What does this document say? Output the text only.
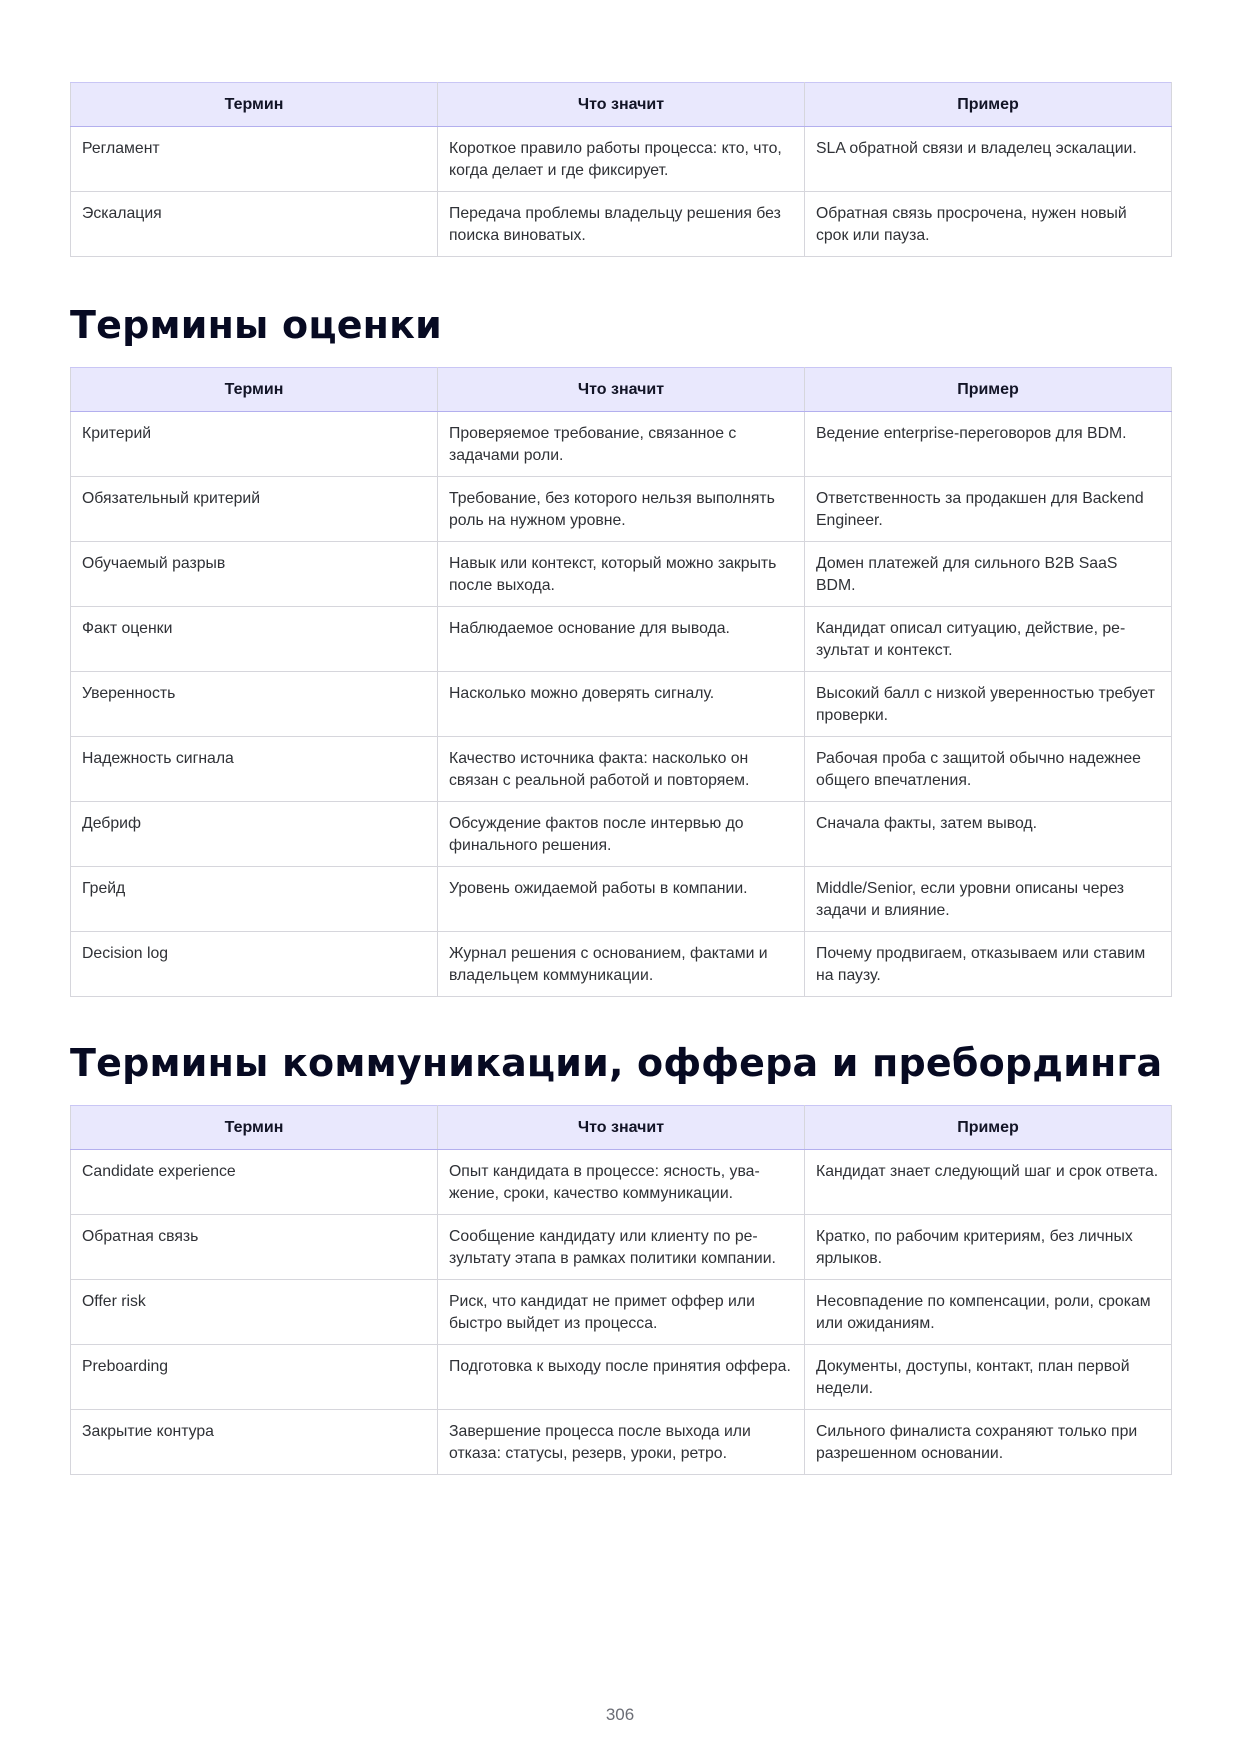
Термин	Что значит	Пример
Регламент	Короткое правило работы процесса: кто, что, когда делает и где фиксирует.	SLA обратной связи и владелец эскалации.
Эскалация	Передача проблемы владельцу решения без поиска виноватых.	Обратная связь просрочена, нужен новый срок или пауза.
Термины оценки
Термин	Что значит	Пример
Критерий	Проверяемое требование, связанное с задачами роли.	Ведение enterprise-переговоров для BDM.
Обязательный критерий	Требование, без которого нельзя выполнять роль на нужном уровне.	Ответственность за продакшен для Backend Engineer.
Обучаемый разрыв	Навык или контекст, который можно закрыть после выхода.	Домен платежей для сильного B2B SaaS BDM.
Факт оценки	Наблюдаемое основание для вывода.	Кандидат описал ситуацию, действие, результат и контекст.
Уверенность	Насколько можно доверять сигналу.	Высокий балл с низкой уверенностью требует проверки.
Надежность сигнала	Качество источника факта: насколько он связан с реальной работой и повторяем.	Рабочая проба с защитой обычно надежнее общего впечатления.
Дебриф	Обсуждение фактов после интервью до финального решения.	Сначала факты, затем вывод.
Грейд	Уровень ожидаемой работы в компании.	Middle/Senior, если уровни описаны через задачи и влияние.
Decision log	Журнал решения с основанием, фактами и владельцем коммуникации.	Почему продвигаем, отказываем или ставим на паузу.
Термины коммуникации, оффера и пребординга
Термин	Что значит	Пример
Candidate experience	Опыт кандидата в процессе: ясность, уважение, сроки, качество коммуникации.	Кандидат знает следующий шаг и срок ответа.
Обратная связь	Сообщение кандидату или клиенту по результату этапа в рамках политики компании.	Кратко, по рабочим критериям, без личных ярлыков.
Offer risk	Риск, что кандидат не примет оффер или быстро выйдет из процесса.	Несовпадение по компенсации, роли, срокам или ожиданиям.
Preboarding	Подготовка к выходу после принятия оффера.	Документы, доступы, контакт, план первой недели.
Закрытие контура	Завершение процесса после выхода или отказа: статусы, резерв, уроки, ретро.	Сильного финалиста сохраняют только при разрешенном основании.
306
